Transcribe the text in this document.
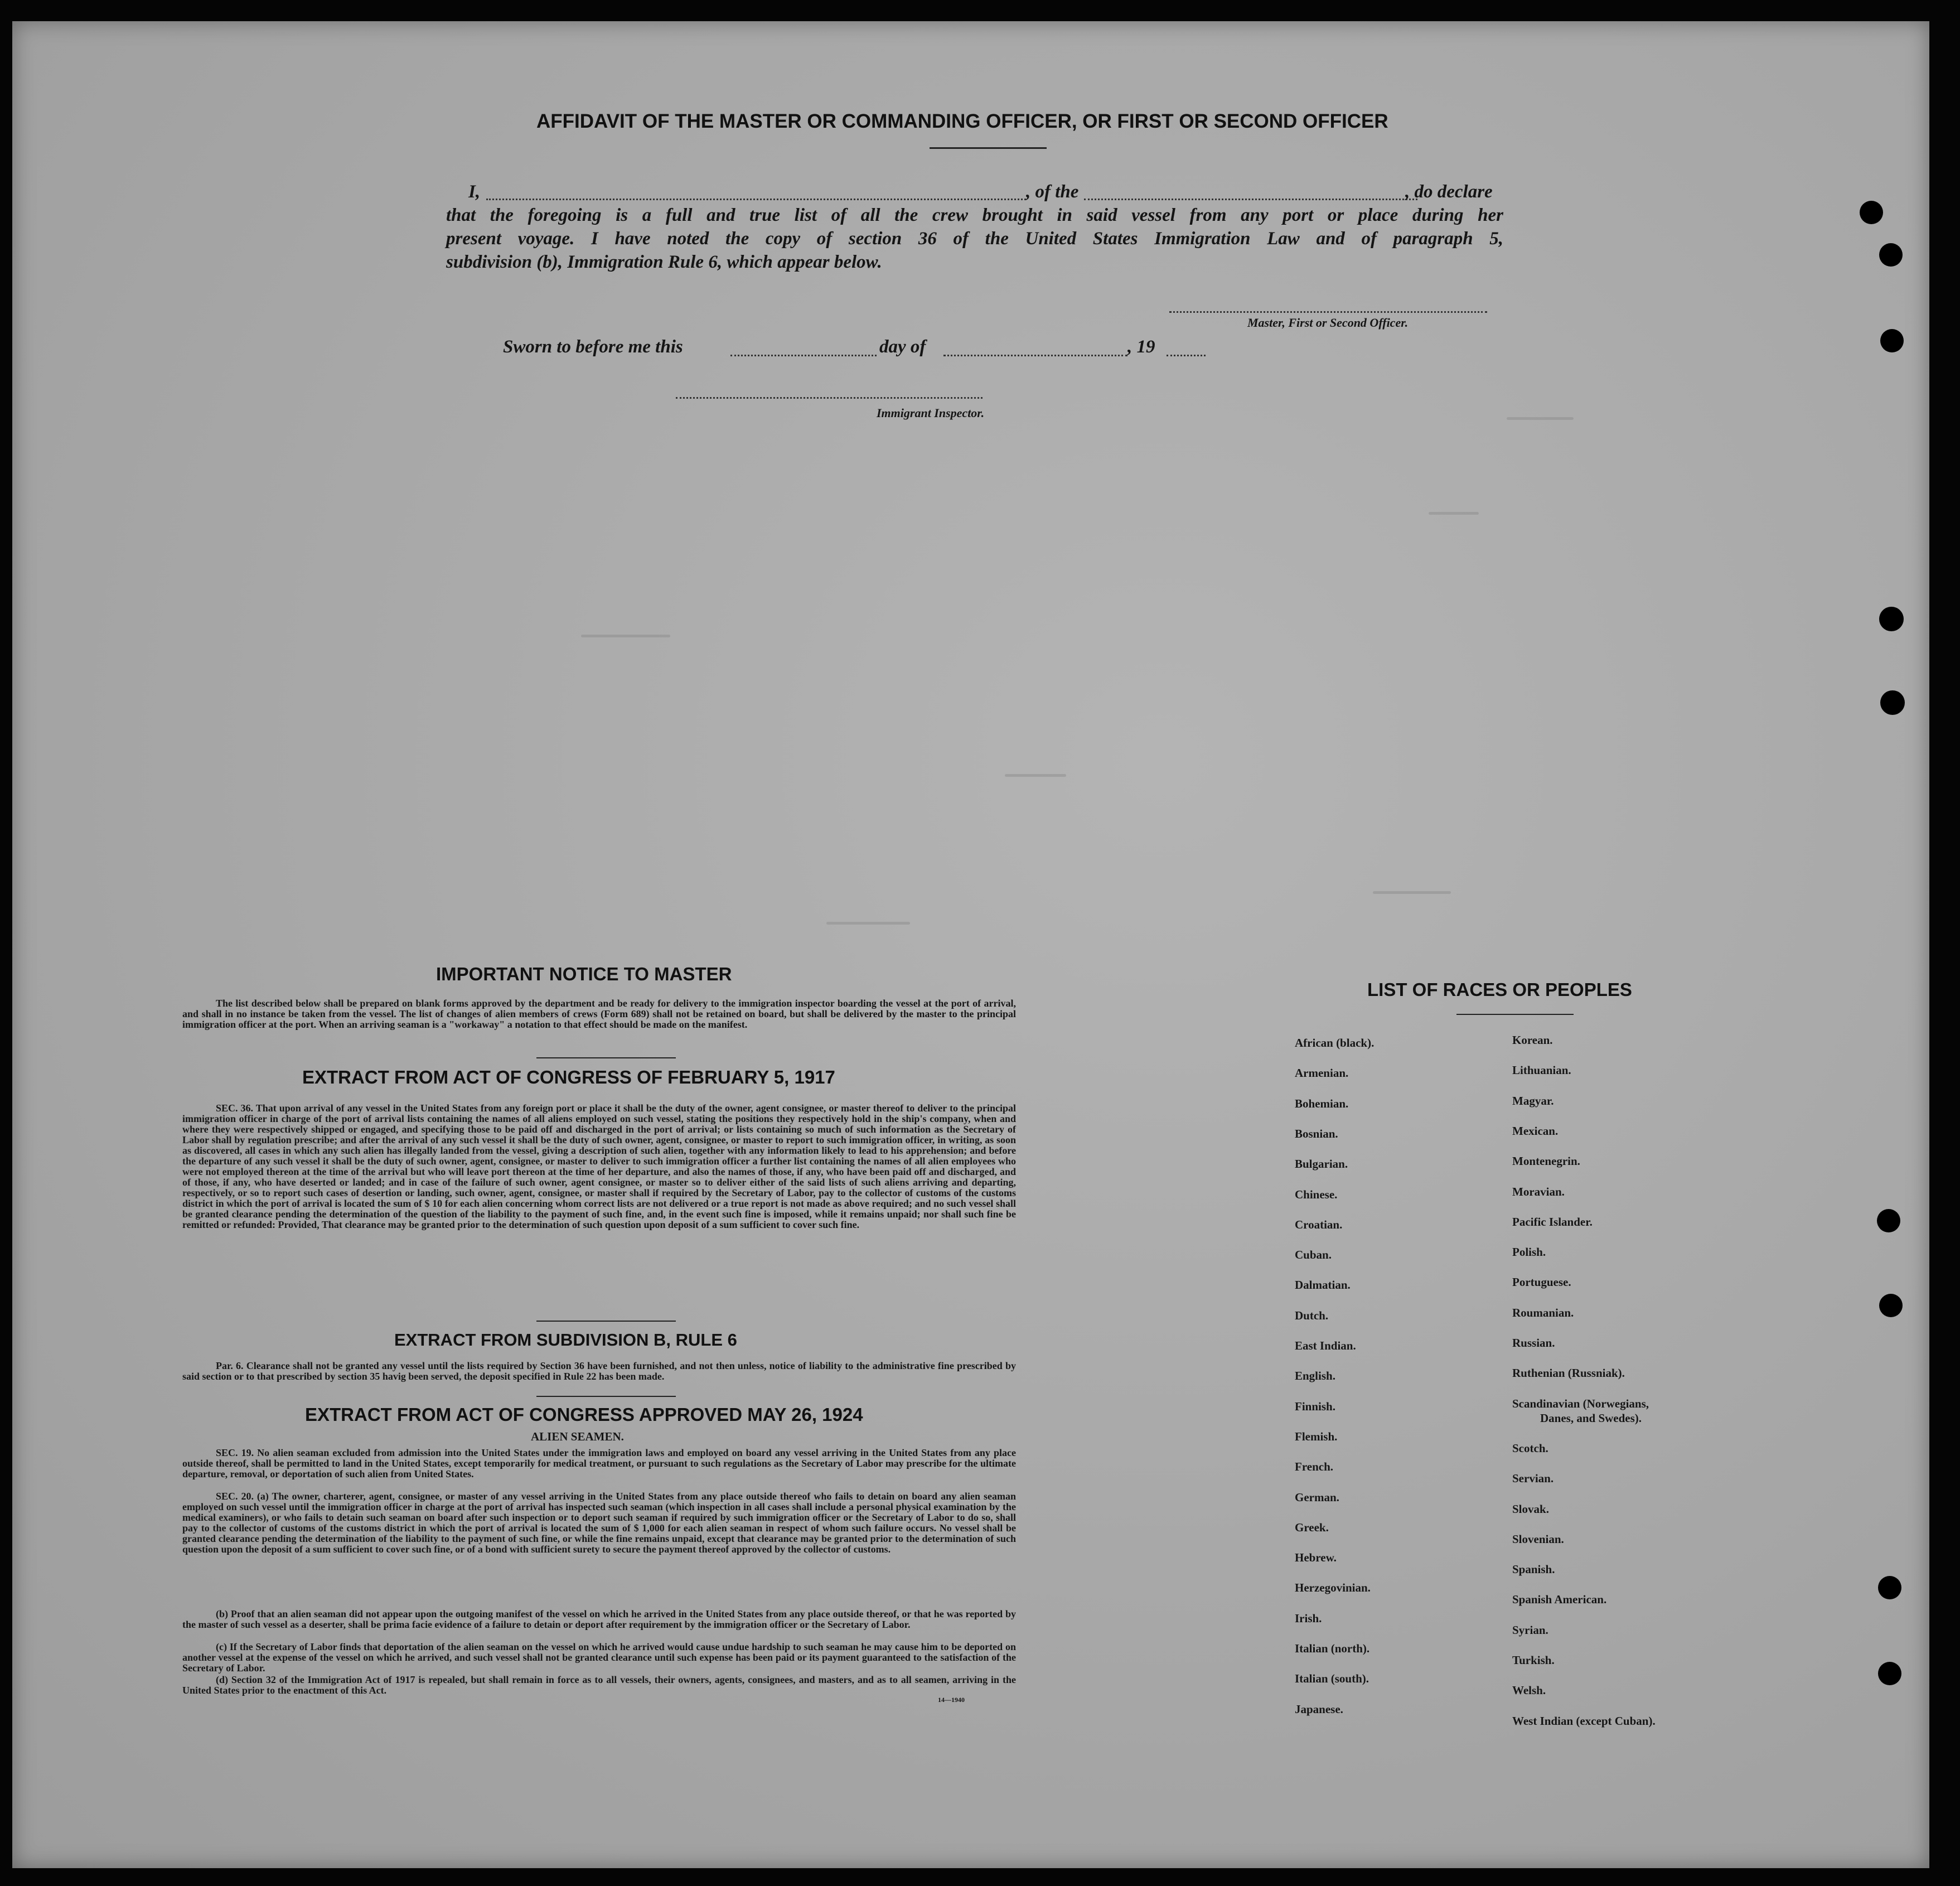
AFFIDAVIT OF THE MASTER OR COMMANDING OFFICER, OR FIRST OR SECOND OFFICER
I,	, of the	, do declare
that the foregoing is a full and true list of all the crew brought in said vessel from any port or place during her
present voyage. I have noted the copy of section 36 of the United States Immigration Law and of paragraph 5,
subdivision (b), Immigration Rule 6, which appear below.
Master, First or Second Officer.
Sworn to before me this	day of	, 19
Immigrant Inspector.
IMPORTANT NOTICE TO MASTER
The list described below shall be prepared on blank forms approved by the department and be ready for delivery to the immigration inspector boarding the vessel at the port of arrival, and shall in no instance be taken from the vessel. The list of changes of alien members of crews (Form 689) shall not be retained on board, but shall be delivered by the master to the principal immigration officer at the port. When an arriving seaman is a "workaway" a notation to that effect should be made on the manifest.
EXTRACT FROM ACT OF CONGRESS OF FEBRUARY 5, 1917
SEC. 36. That upon arrival of any vessel in the United States from any foreign port or place it shall be the duty of the owner, agent consignee, or master thereof to deliver to the principal immigration officer in charge of the port of arrival lists containing the names of all aliens employed on such vessel, stating the positions they respectively hold in the ship's company, when and where they were respectively shipped or engaged, and specifying those to be paid off and discharged in the port of arrival; or lists containing so much of such information as the Secretary of Labor shall by regulation prescribe; and after the arrival of any such vessel it shall be the duty of such owner, agent, consignee, or master to report to such immigration officer, in writing, as soon as discovered, all cases in which any such alien has illegally landed from the vessel, giving a description of such alien, together with any information likely to lead to his apprehension; and before the departure of any such vessel it shall be the duty of such owner, agent, consignee, or master to deliver to such immigration officer a further list containing the names of all alien employees who were not employed thereon at the time of the arrival but who will leave port thereon at the time of her departure, and also the names of those, if any, who have been paid off and discharged, and of those, if any, who have deserted or landed; and in case of the failure of such owner, agent consignee, or master so to deliver either of the said lists of such aliens arriving and departing, respectively, or so to report such cases of desertion or landing, such owner, agent, consignee, or master shall if required by the Secretary of Labor, pay to the collector of customs of the customs district in which the port of arrival is located the sum of $ 10 for each alien concerning whom correct lists are not delivered or a true report is not made as above required; and no such vessel shall be granted clearance pending the determination of the question of the liability to the payment of such fine, and, in the event such fine is imposed, while it remains unpaid; nor shall such fine be remitted or refunded: Provided, That clearance may be granted prior to the determination of such question upon deposit of a sum sufficient to cover such fine.
EXTRACT FROM SUBDIVISION B, RULE 6
Par. 6. Clearance shall not be granted any vessel until the lists required by Section 36 have been furnished, and not then unless, notice of liability to the administrative fine prescribed by said section or to that prescribed by section 35 havig been served, the deposit specified in Rule 22 has been made.
EXTRACT FROM ACT OF CONGRESS APPROVED MAY 26, 1924
ALIEN SEAMEN.
SEC. 19. No alien seaman excluded from admission into the United States under the immigration laws and employed on board any vessel arriving in the United States from any place outside thereof, shall be permitted to land in the United States, except temporarily for medical treatment, or pursuant to such regulations as the Secretary of Labor may prescribe for the ultimate departure, removal, or deportation of such alien from United States.
SEC. 20. (a) The owner, charterer, agent, consignee, or master of any vessel arriving in the United States from any place outside thereof who fails to detain on board any alien seaman employed on such vessel until the immigration officer in charge at the port of arrival has inspected such seaman (which inspection in all cases shall include a personal physical examination by the medical examiners), or who fails to detain such seaman on board after such inspection or to deport such seaman if required by such immigration officer or the Secretary of Labor to do so, shall pay to the collector of customs of the customs district in which the port of arrival is located the sum of $ 1,000 for each alien seaman in respect of whom such failure occurs. No vessel shall be granted clearance pending the determination of the liability to the payment of such fine, or while the fine remains unpaid, except that clearance may be granted prior to the determination of such question upon the deposit of a sum sufficient to cover such fine, or of a bond with sufficient surety to secure the payment thereof approved by the collector of customs.
(b) Proof that an alien seaman did not appear upon the outgoing manifest of the vessel on which he arrived in the United States from any place outside thereof, or that he was reported by the master of such vessel as a deserter, shall be prima facie evidence of a failure to detain or deport after requirement by the immigration officer or the Secretary of Labor.
(c) If the Secretary of Labor finds that deportation of the alien seaman on the vessel on which he arrived would cause undue hardship to such seaman he may cause him to be deported on another vessel at the expense of the vessel on which he arrived, and such vessel shall not be granted clearance until such expense has been paid or its payment guaranteed to the satisfaction of the Secretary of Labor.
(d) Section 32 of the Immigration Act of 1917 is repealed, but shall remain in force as to all vessels, their owners, agents, consignees, and masters, and as to all seamen, arriving in the United States prior to the enactment of this Act.
14—1940
LIST OF RACES OR PEOPLES
African (black).
Armenian.
Bohemian.
Bosnian.
Bulgarian.
Chinese.
Croatian.
Cuban.
Dalmatian.
Dutch.
East Indian.
English.
Finnish.
Flemish.
French.
German.
Greek.
Hebrew.
Herzegovinian.
Irish.
Italian (north).
Italian (south).
Japanese.
Korean.
Lithuanian.
Magyar.
Mexican.
Montenegrin.
Moravian.
Pacific Islander.
Polish.
Portuguese.
Roumanian.
Russian.
Ruthenian (Russniak).
Scandinavian (Norwegians,
Danes, and Swedes).
Scotch.
Servian.
Slovak.
Slovenian.
Spanish.
Spanish American.
Syrian.
Turkish.
Welsh.
West Indian (except Cuban).
